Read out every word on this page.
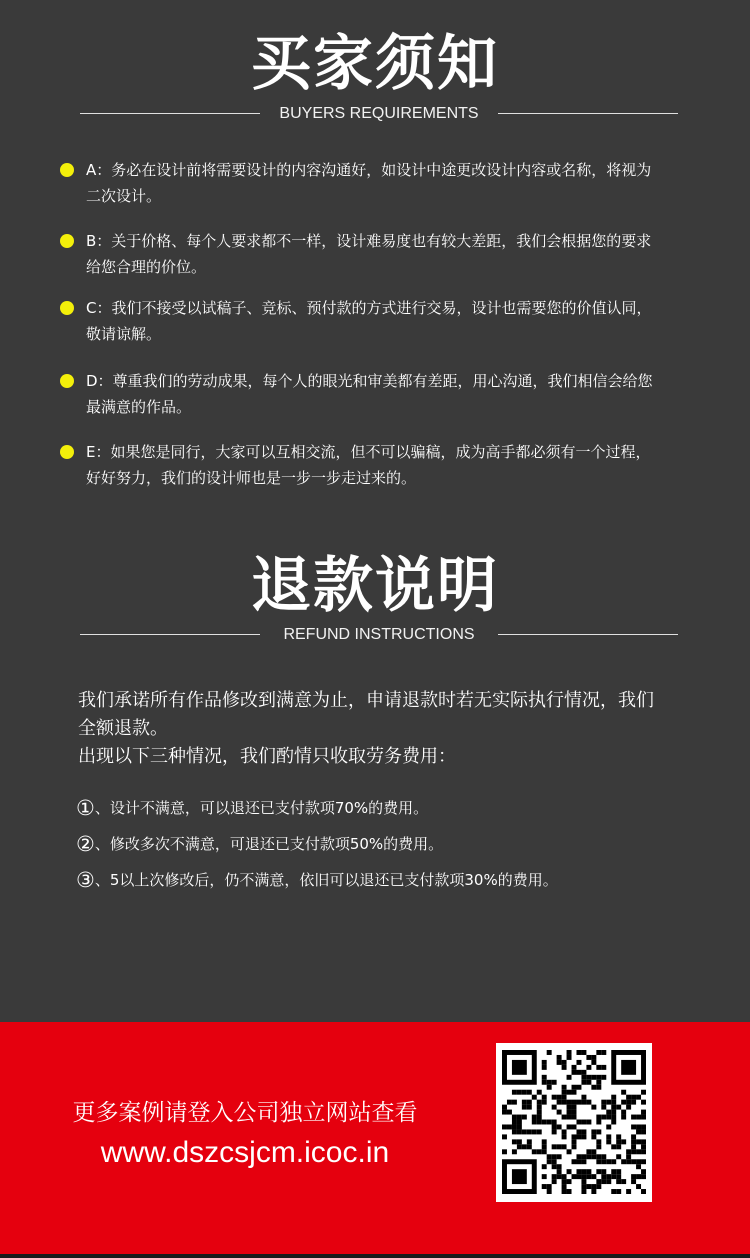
买家须知
BUYERS REQUIREMENTS
A：务必在设计前将需要设计的内容沟通好，如设计中途更改设计内容或名称，将视为
二次设计。
B：关于价格、每个人要求都不一样，设计难易度也有较大差距，我们会根据您的要求
给您合理的价位。
C：我们不接受以试稿子、竞标、预付款的方式进行交易，设计也需要您的价值认同，
敬请谅解。
D：尊重我们的劳动成果，每个人的眼光和审美都有差距，用心沟通，我们相信会给您
最满意的作品。
E：如果您是同行，大家可以互相交流，但不可以骗稿，成为高手都必须有一个过程，
好好努力，我们的设计师也是一步一步走过来的。
退款说明
REFUND INSTRUCTIONS
我们承诺所有作品修改到满意为止，申请退款时若无实际执行情况，我们
全额退款。
出现以下三种情况，我们酌情只收取劳务费用：
①、设计不满意，可以退还已支付款项70%的费用。
②、修改多次不满意，可退还已支付款项50%的费用。
③、5以上次修改后，仍不满意，依旧可以退还已支付款项30%的费用。
更多案例请登入公司独立网站查看
www.dszcsjcm.icoc.in
